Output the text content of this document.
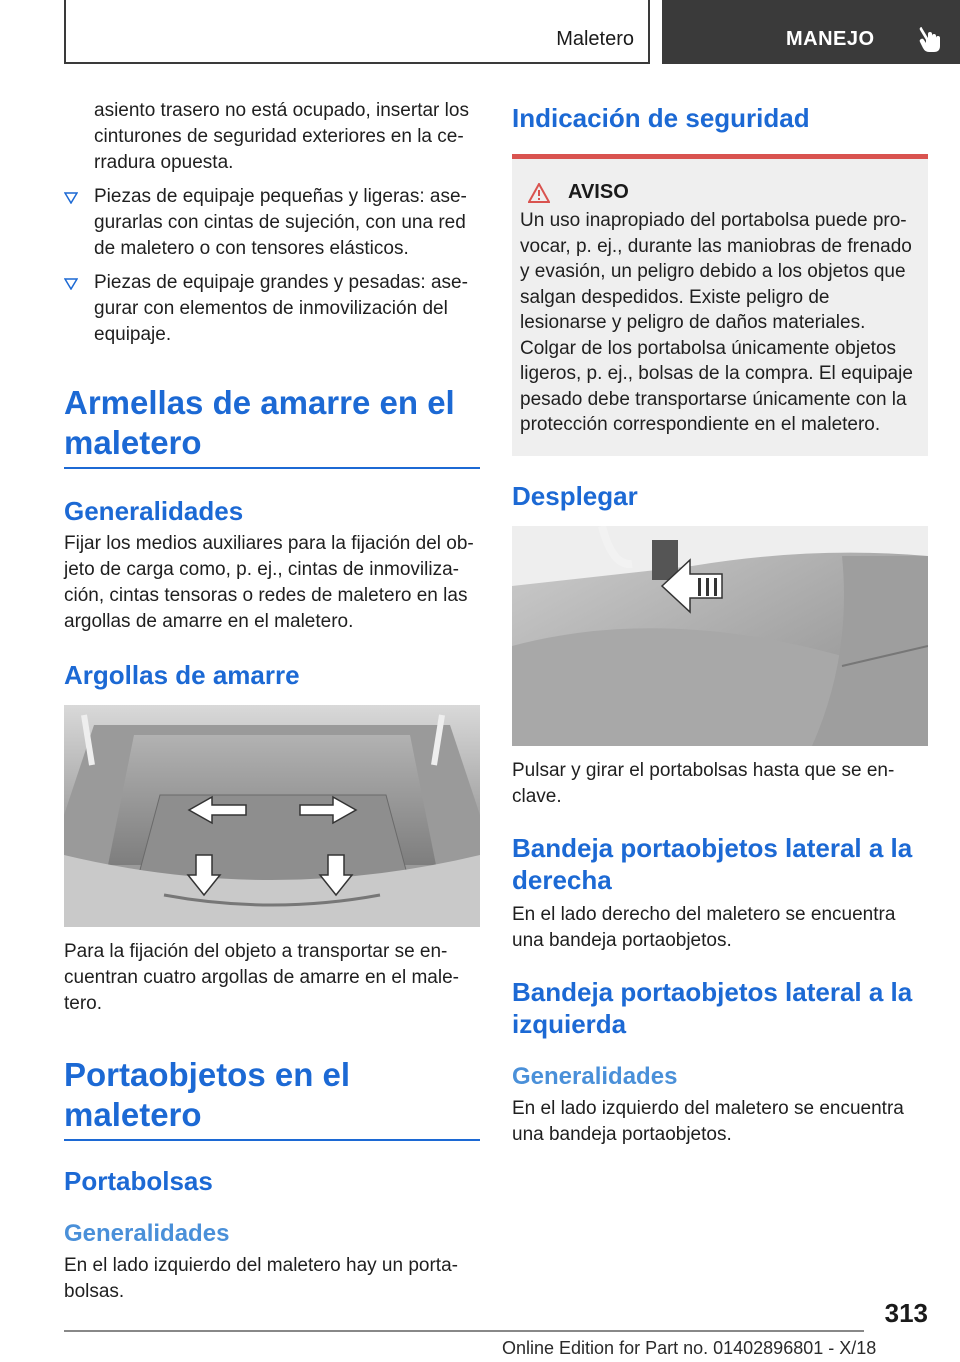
Maletero	MANEJO

asiento trasero no está ocupado, insertar los cinturones de seguridad exteriores en la ce-rradura opuesta.

Piezas de equipaje pequeñas y ligeras: ase-gurarlas con cintas de sujeción, con una red de maletero o con tensores elásticos.

Piezas de equipaje grandes y pesadas: ase-gurar con elementos de inmovilización del equipaje.

Armellas de amarre en el maletero
Generalidades

Fijar los medios auxiliares para la fijación del ob-jeto de carga como, p. ej., cintas de inmoviliza-ción, cintas tensoras o redes de maletero en las argollas de amarre en el maletero.

Argollas de amarre

Para la fijación del objeto a transportar se en-cuentran cuatro argollas de amarre en el male-tero.

Portaobjetos en el maletero
Portabolsas
Generalidades

En el lado izquierdo del maletero hay un porta-bolsas.

Indicación de seguridad
AVISO

Un uso inapropiado del portabolsa puede pro-vocar, p. ej., durante las maniobras de frenado y evasión, un peligro debido a los objetos que salgan despedidos. Existe peligro de lesionarse y peligro de daños materiales. Colgar de los portabolsa únicamente objetos ligeros, p. ej., bolsas de la compra. El equipaje pesado debe transportarse únicamente con la protección correspondiente en el maletero.

Desplegar

Pulsar y girar el portabolsas hasta que se en-clave.

Bandeja portaobjetos lateral a la derecha

En el lado derecho del maletero se encuentra una bandeja portaobjetos.

Bandeja portaobjetos lateral a la izquierda
Generalidades

En el lado izquierdo del maletero se encuentra una bandeja portaobjetos.

313
Online Edition for Part no. 01402896801 - X/18
